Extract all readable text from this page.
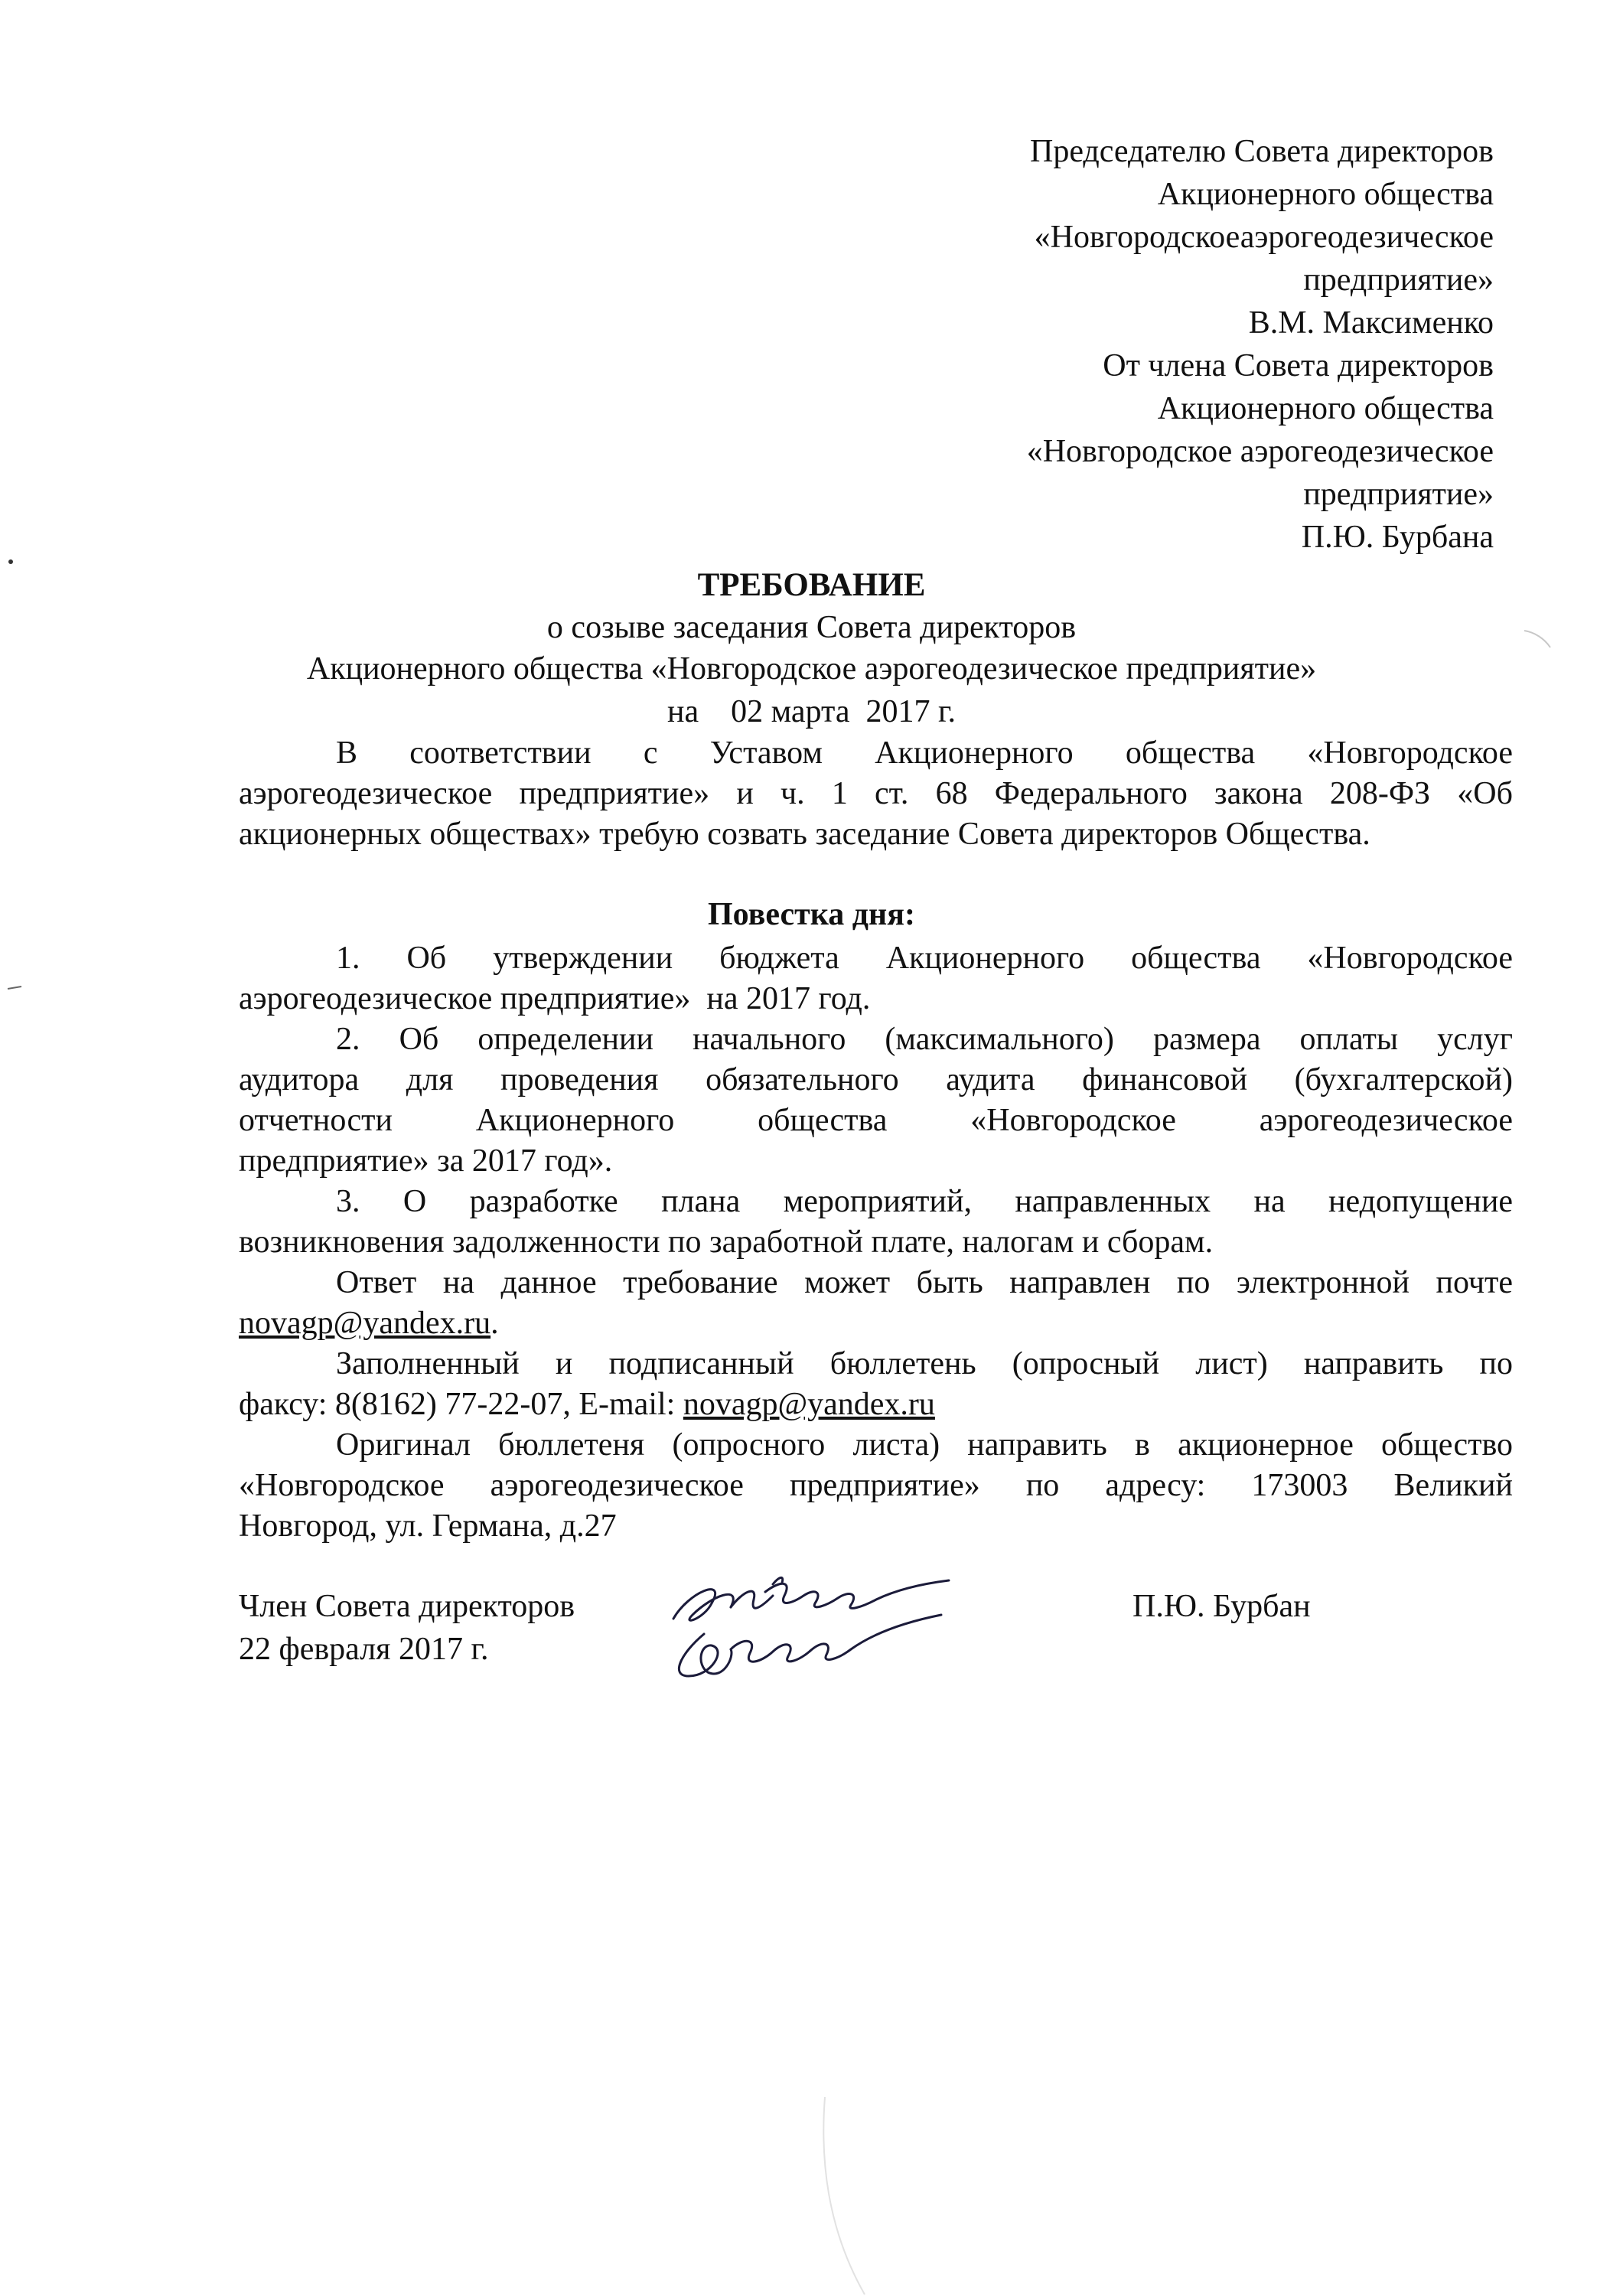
Председателю Совета директоров
Акционерного общества
«Новгородскоеаэрогеодезическое
предприятие»
В.М. Максименко
От члена Совета директоров
Акционерного общества
«Новгородское аэрогеодезическое
предприятие»
П.Ю. Бурбана
ТРЕБОВАНИЕ
о созыве заседания Совета директоров
Акционерного общества «Новгородское аэрогеодезическое предприятие»
на    02 марта  2017 г.
В соответствии с Уставом Акционерного общества «Новгородское
аэрогеодезическое предприятие» и ч. 1 ст. 68 Федерального закона 208-ФЗ «Об
акционерных обществах» требую созвать заседание Совета директоров Общества.
Повестка дня:
1. Об утверждении бюджета Акционерного общества «Новгородское
аэрогеодезическое предприятие»  на 2017 год.
2. Об определении начального (максимального) размера оплаты услуг
аудитора для проведения обязательного аудита финансовой (бухгалтерской)
отчетности Акционерного общества «Новгородское аэрогеодезическое
предприятие» за 2017 год».
3. О разработке плана мероприятий, направленных на недопущение
возникновения задолженности по заработной плате, налогам и сборам.
Ответ на данное требование может быть направлен по электронной почте
novagp@yandex.ru.
Заполненный и подписанный бюллетень (опросный лист) направить по
факсу: 8(8162) 77-22-07, E-mail: novagp@yandex.ru
Оригинал бюллетеня (опросного листа) направить в акционерное общество
«Новгородское аэрогеодезическое предприятие» по адресу: 173003 Великий
Новгород, ул. Германа, д.27
Член Совета директоров
22 февраля 2017 г.
П.Ю. Бурбан
